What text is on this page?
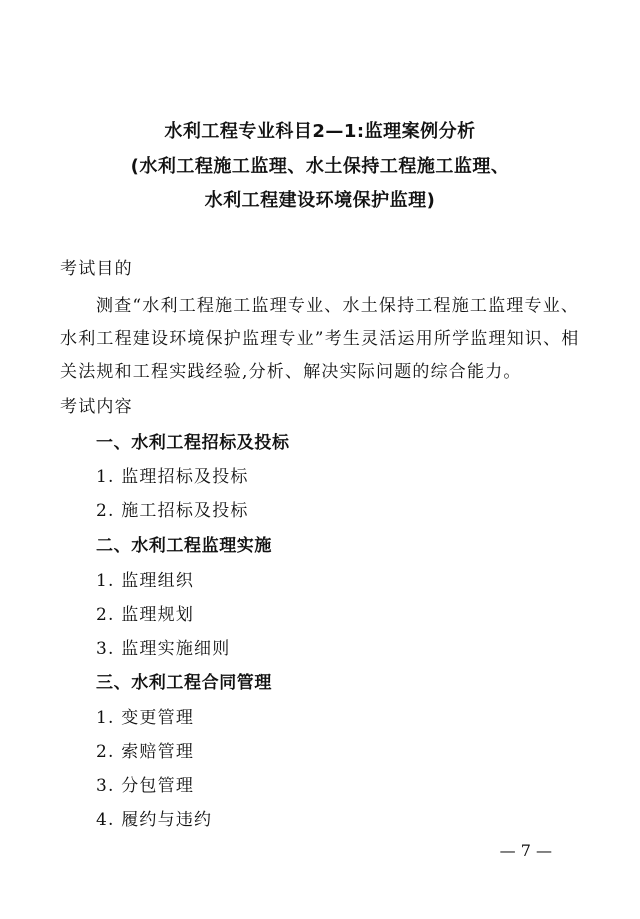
水利工程专业科目2—1:监理案例分析
(水利工程施工监理、水土保持工程施工监理、
水利工程建设环境保护监理)
考试目的
测查“水利工程施工监理专业、水土保持工程施工监理专业、
水利工程建设环境保护监理专业”考生灵活运用所学监理知识、相
关法规和工程实践经验,分析、解决实际问题的综合能力。
考试内容
一、水利工程招标及投标
1. 监理招标及投标
2. 施工招标及投标
二、水利工程监理实施
1. 监理组织
2. 监理规划
3. 监理实施细则
三、水利工程合同管理
1. 变更管理
2. 索赔管理
3. 分包管理
4. 履约与违约
— 7 —
